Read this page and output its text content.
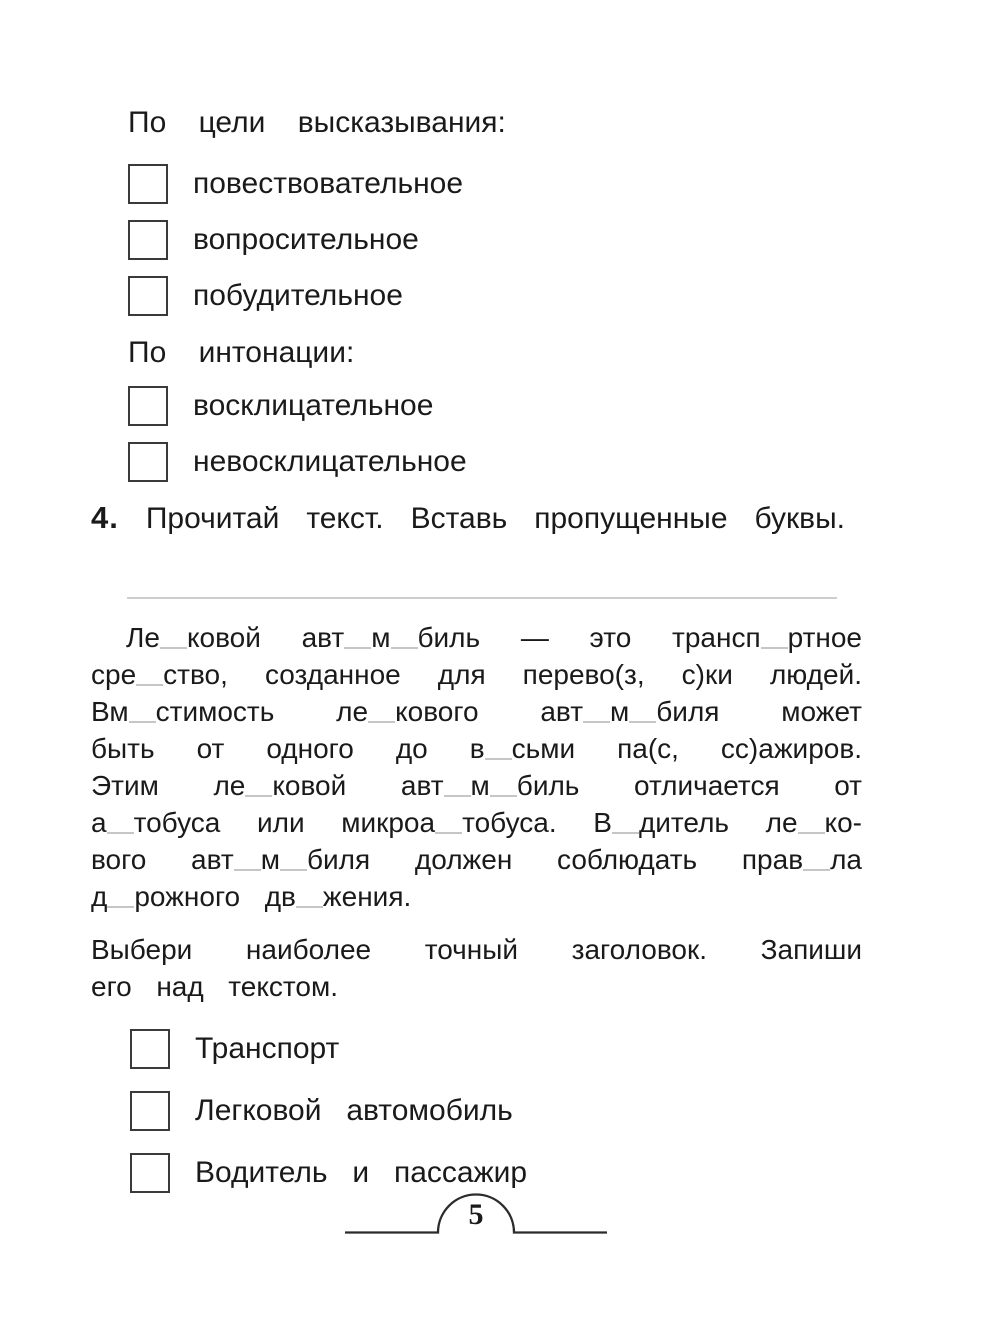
По цели высказывания:
повествовательное
вопросительное
побудительное
По интонации:
восклицательное
невосклицательное
4. Прочитай текст. Вставь пропущенные буквы.
Ле ковой авт м биль — это трансп ртное
сре ство, созданное для перево(з, с)ки людей.
Вм стимость ле кового авт м биля может
быть от одного до в сьми па(с, сс)ажиров.
Этим ле ковой авт м биль отличается от
а тобуса или микроа тобуса. В дитель ле ко-
вого авт м биля должен соблюдать прав ла
д рожного дв жения.
Выбери наиболее точный заголовок. Запиши
его над текстом.
Транспорт
Легковой автомобиль
Водитель и пассажир
5
